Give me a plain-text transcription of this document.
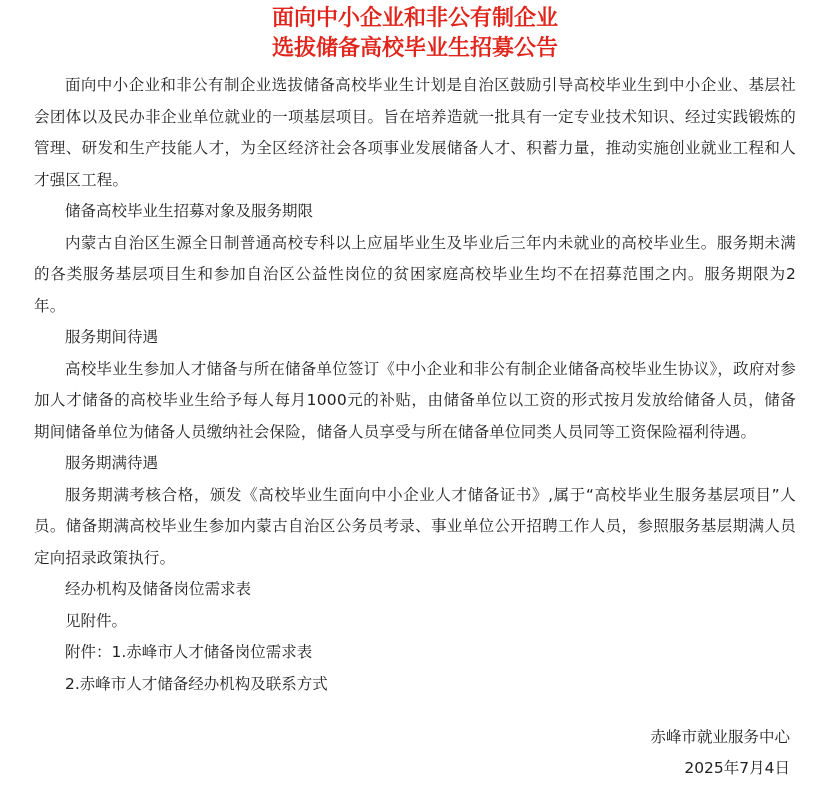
面向中小企业和非公有制企业

选拔储备高校毕业生招募公告

面向中小企业和非公有制企业选拔储备高校毕业生计划是自治区鼓励引导高校毕业生到中小企业、基层社会团体以及民办非企业单位就业的一项基层项目。旨在培养造就一批具有一定专业技术知识、经过实践锻炼的管理、研发和生产技能人才，为全区经济社会各项事业发展储备人才、积蓄力量，推动实施创业就业工程和人才强区工程。

储备高校毕业生招募对象及服务期限

内蒙古自治区生源全日制普通高校专科以上应届毕业生及毕业后三年内未就业的高校毕业生。服务期未满的各类服务基层项目生和参加自治区公益性岗位的贫困家庭高校毕业生均不在招募范围之内。服务期限为2年。

服务期间待遇

高校毕业生参加人才储备与所在储备单位签订《中小企业和非公有制企业储备高校毕业生协议》，政府对参加人才储备的高校毕业生给予每人每月1000元的补贴，由储备单位以工资的形式按月发放给储备人员，储备期间储备单位为储备人员缴纳社会保险，储备人员享受与所在储备单位同类人员同等工资保险福利待遇。

服务期满待遇

服务期满考核合格，颁发《高校毕业生面向中小企业人才储备证书》,属于“高校毕业生服务基层项目”人员。储备期满高校毕业生参加内蒙古自治区公务员考录、事业单位公开招聘工作人员，参照服务基层期满人员定向招录政策执行。

经办机构及储备岗位需求表

见附件。

附件：1.赤峰市人才储备岗位需求表

2.赤峰市人才储备经办机构及联系方式

赤峰市就业服务中心
2025年7月4日
